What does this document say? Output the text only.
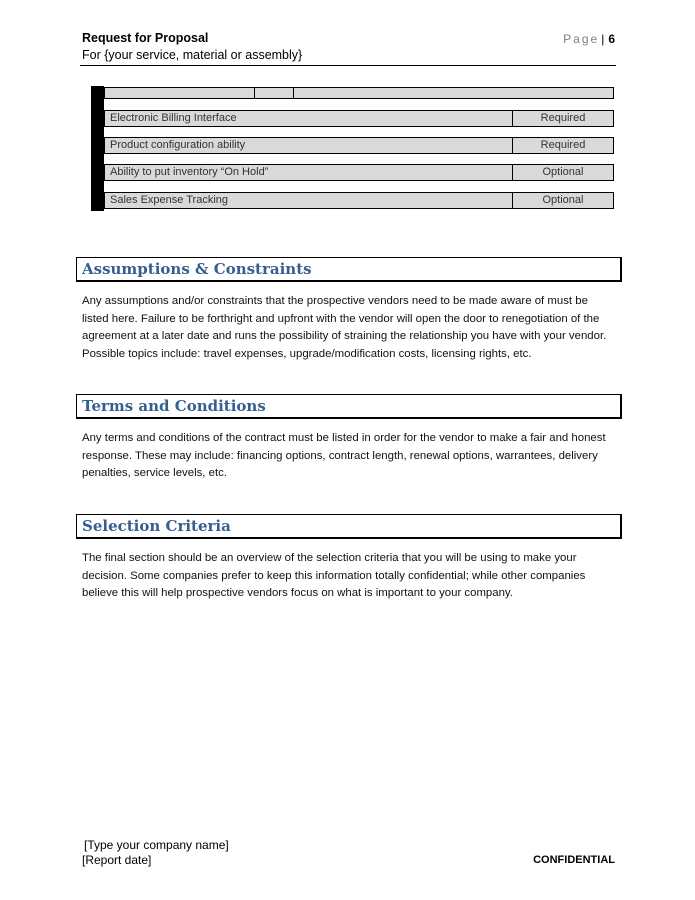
Request for Proposal
For {your service, material or assembly}
Page | 6
Electronic Billing Interface	Required
Product configuration ability	Required
Ability to put inventory “On Hold”	Optional
Sales Expense Tracking	Optional
Assumptions & Constraints
Any assumptions and/or constraints that the prospective vendors need to be made aware of must be listed here. Failure to be forthright and upfront with the vendor will open the door to renegotiation of the agreement at a later date and runs the possibility of straining the relationship you have with your vendor. Possible topics include: travel expenses, upgrade/modification costs, licensing rights, etc.
Terms and Conditions
Any terms and conditions of the contract must be listed in order for the vendor to make a fair and honest response. These may include: financing options, contract length, renewal options, warrantees, delivery penalties, service levels, etc.
Selection Criteria
The final section should be an overview of the selection criteria that you will be using to make your decision. Some companies prefer to keep this information totally confidential; while other companies believe this will help prospective vendors focus on what is important to your company.
[Type your company name]
[Report date]	CONFIDENTIAL
